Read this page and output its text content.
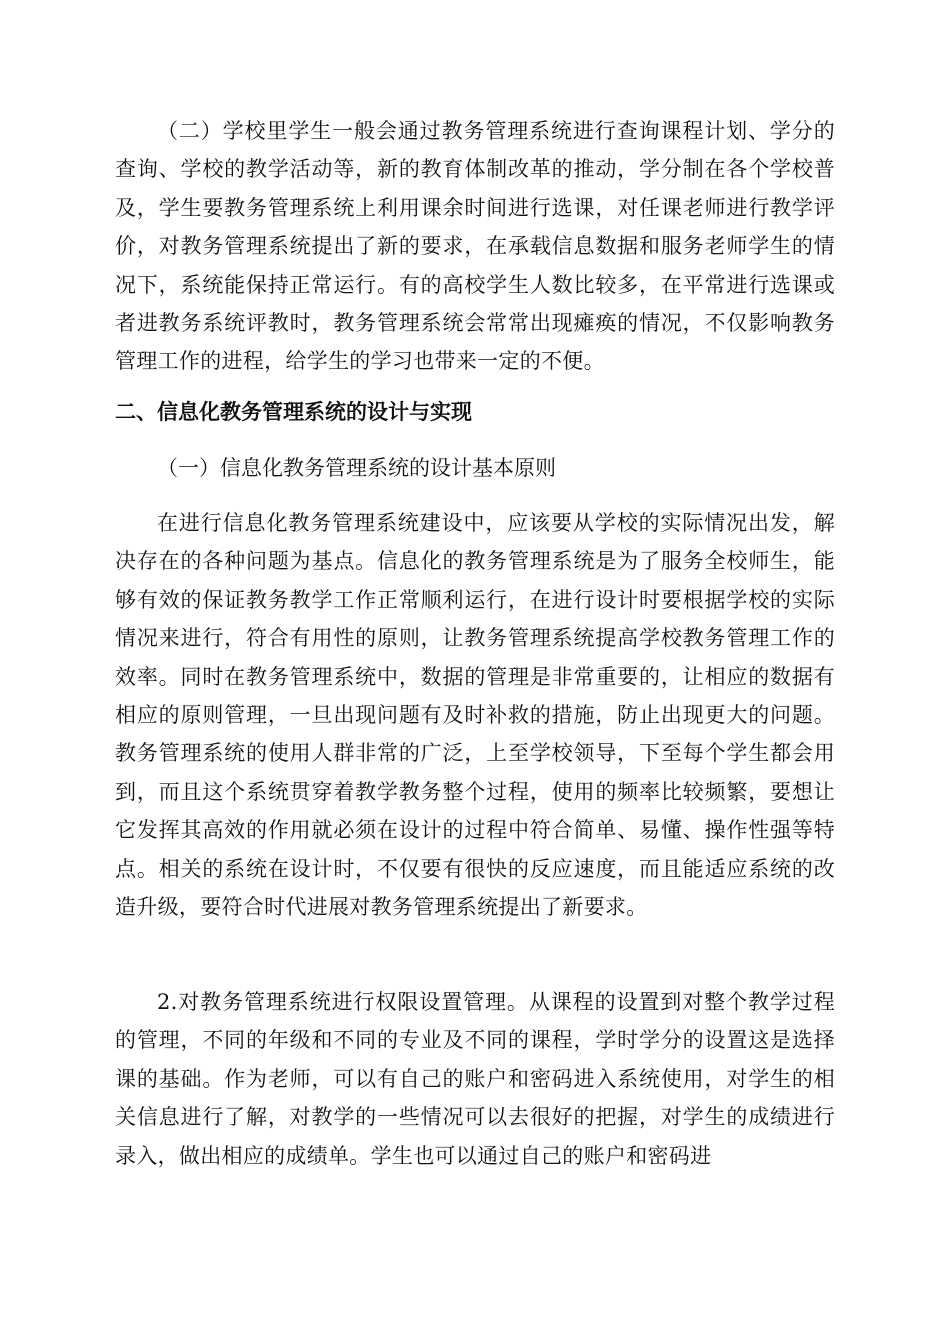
（二）学校里学生一般会通过教务管理系统进行查询课程计划、学分的查询、学校的教学活动等，新的教育体制改革的推动，学分制在各个学校普及，学生要教务管理系统上利用课余时间进行选课，对任课老师进行教学评价，对教务管理系统提出了新的要求，在承载信息数据和服务老师学生的情况下，系统能保持正常运行。有的高校学生人数比较多，在平常进行选课或者进教务系统评教时，教务管理系统会常常出现瘫痪的情况，不仅影响教务管理工作的进程，给学生的学习也带来一定的不便。

二、信息化教务管理系统的设计与实现

（一）信息化教务管理系统的设计基本原则

在进行信息化教务管理系统建设中，应该要从学校的实际情况出发，解决存在的各种问题为基点。信息化的教务管理系统是为了服务全校师生，能够有效的保证教务教学工作正常顺利运行，在进行设计时要根据学校的实际情况来进行，符合有用性的原则，让教务管理系统提高学校教务管理工作的效率。同时在教务管理系统中，数据的管理是非常重要的，让相应的数据有相应的原则管理，一旦出现问题有及时补救的措施，防止出现更大的问题。教务管理系统的使用人群非常的广泛，上至学校领导，下至每个学生都会用到，而且这个系统贯穿着教学教务整个过程，使用的频率比较频繁，要想让它发挥其高效的作用就必须在设计的过程中符合简单、易懂、操作性强等特点。相关的系统在设计时，不仅要有很快的反应速度，而且能适应系统的改造升级，要符合时代进展对教务管理系统提出了新要求。

2.对教务管理系统进行权限设置管理。从课程的设置到对整个教学过程的管理，不同的年级和不同的专业及不同的课程，学时学分的设置这是选择课的基础。作为老师，可以有自己的账户和密码进入系统使用，对学生的相关信息进行了解，对教学的一些情况可以去很好的把握，对学生的成绩进行录入，做出相应的成绩单。学生也可以通过自己的账户和密码进
